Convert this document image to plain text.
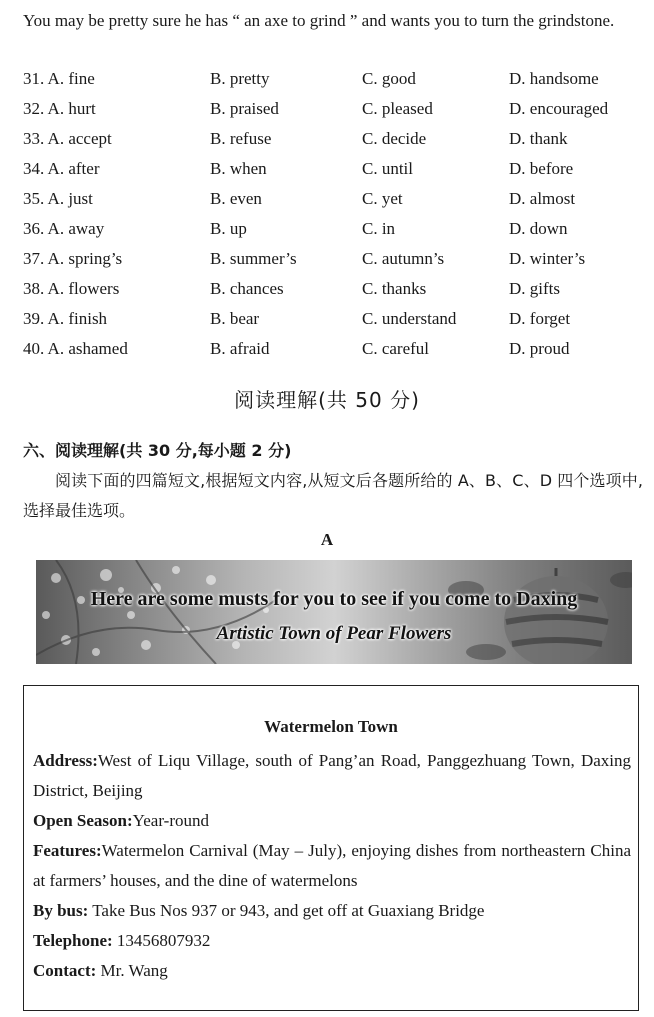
You may be pretty sure he has “ an axe to grind ” and wants you to turn the grindstone.
31. A. fine	B. pretty	C. good	D. handsome
32. A. hurt	B. praised	C. pleased	D. encouraged
33. A. accept	B. refuse	C. decide	D. thank
34. A. after	B. when	C. until	D. before
35. A. just	B. even	C. yet	D. almost
36. A. away	B. up	C. in	D. down
37. A. spring’s	B. summer’s	C. autumn’s	D. winter’s
38. A. flowers	B. chances	C. thanks	D. gifts
39. A. finish	B. bear	C. understand	D. forget
40. A. ashamed	B. afraid	C. careful	D. proud
阅读理解(共 50 分)
六、阅读理解(共 30 分,每小题 2 分)
阅读下面的四篇短文,根据短文内容,从短文后各题所给的 A、B、C、D 四个选项中,选择最佳选项。
A
Here are some musts for you to see if you come to Daxing
Artistic Town of Pear Flowers
Watermelon Town

Address:West of Liqu Village, south of Pang’an Road, Panggezhuang Town, Daxing District, Beijing

Open Season:Year-round

Features:Watermelon Carnival (May – July), enjoying dishes from northeastern China at farmers’ houses, and the dine of watermelons

By bus: Take Bus Nos 937 or 943, and get off at Guaxiang Bridge

Telephone: 13456807932

Contact: Mr. Wang
